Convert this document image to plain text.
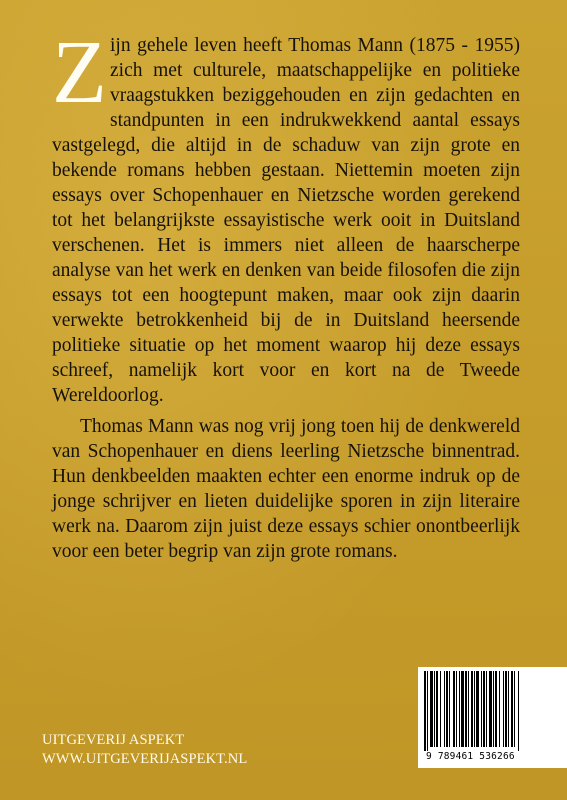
Zijn gehele leven heeft Thomas Mann (1875 - 1955) zich met culturele, maatschappelijke en politieke vraagstukken beziggehouden en zijn gedachten en standpunten in een indrukwekkend aantal essays vastgelegd, die altijd in de schaduw van zijn grote en bekende romans hebben gestaan. Niettemin moeten zijn essays over Schopenhauer en Nietzsche worden gerekend tot het belangrijkste essayistische werk ooit in Duitsland verschenen. Het is immers niet alleen de haarscherpe analyse van het werk en denken van beide filosofen die zijn essays tot een hoogtepunt maken, maar ook zijn daarin verwekte betrokkenheid bij de in Duitsland heersende politieke situatie op het moment waarop hij deze essays schreef, namelijk kort voor en kort na de Tweede Wereldoorlog.

Thomas Mann was nog vrij jong toen hij de denkwereld van Schopenhauer en diens leerling Nietzsche binnentrad. Hun denkbeelden maakten echter een enorme indruk op de jonge schrijver en lieten duidelijke sporen in zijn literaire werk na. Daarom zijn juist deze essays schier onontbeerlijk voor een beter begrip van zijn grote romans.

UITGEVERIJ ASPEKT
WWW.UITGEVERIJASPEKT.NL	9 789461 536266
